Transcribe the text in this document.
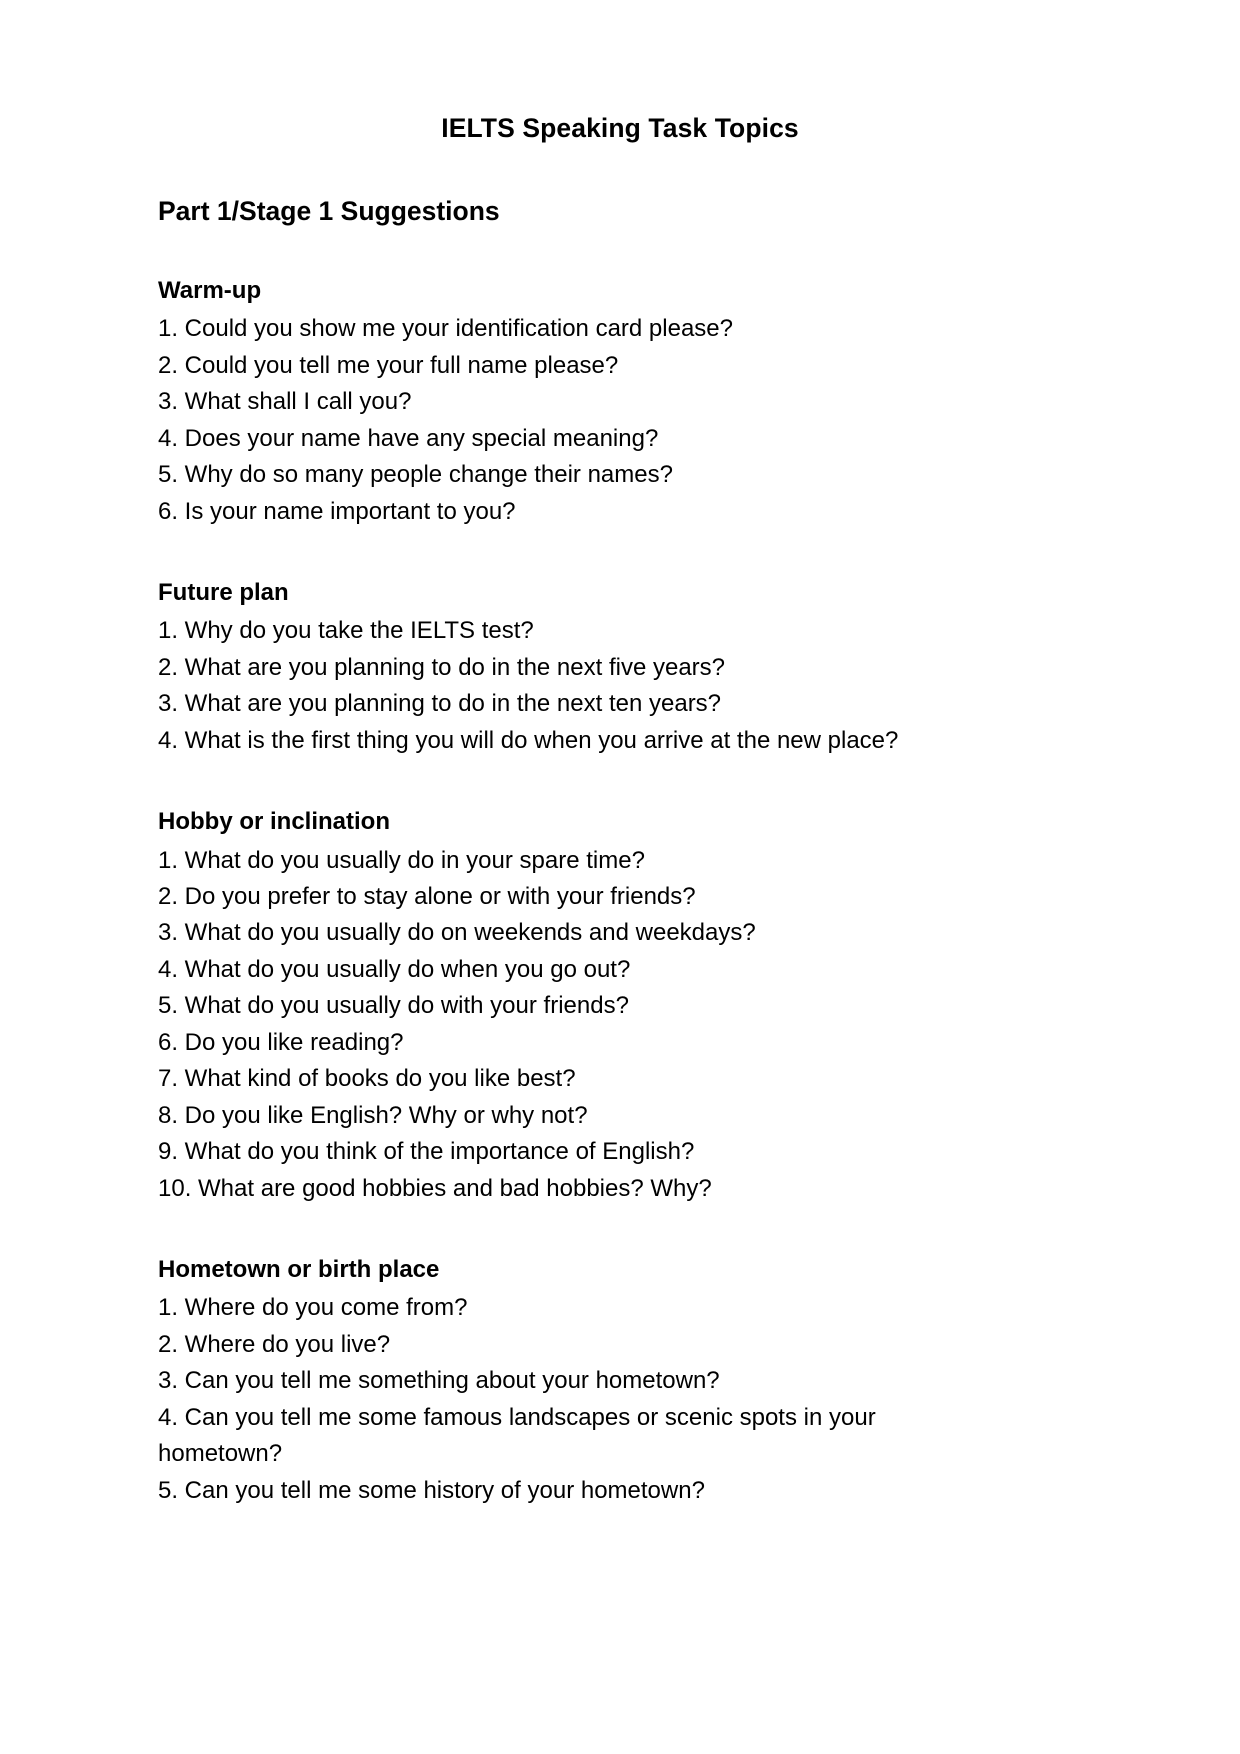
IELTS Speaking Task Topics
Part 1/Stage 1 Suggestions
Warm-up
1. Could you show me your identification card please?
2. Could you tell me your full name please?
3. What shall I call you?
4. Does your name have any special meaning?
5. Why do so many people change their names?
6. Is your name important to you?
Future plan
1. Why do you take the IELTS test?
2. What are you planning to do in the next five years?
3. What are you planning to do in the next ten years?
4. What is the first thing you will do when you arrive at the new place?
Hobby or inclination
1. What do you usually do in your spare time?
2. Do you prefer to stay alone or with your friends?
3. What do you usually do on weekends and weekdays?
4. What do you usually do when you go out?
5. What do you usually do with your friends?
6. Do you like reading?
7. What kind of books do you like best?
8. Do you like English? Why or why not?
9. What do you think of the importance of English?
10. What are good hobbies and bad hobbies? Why?
Hometown or birth place
1. Where do you come from?
2. Where do you live?
3. Can you tell me something about your hometown?
4. Can you tell me some famous landscapes or scenic spots in your hometown?
5. Can you tell me some history of your hometown?
